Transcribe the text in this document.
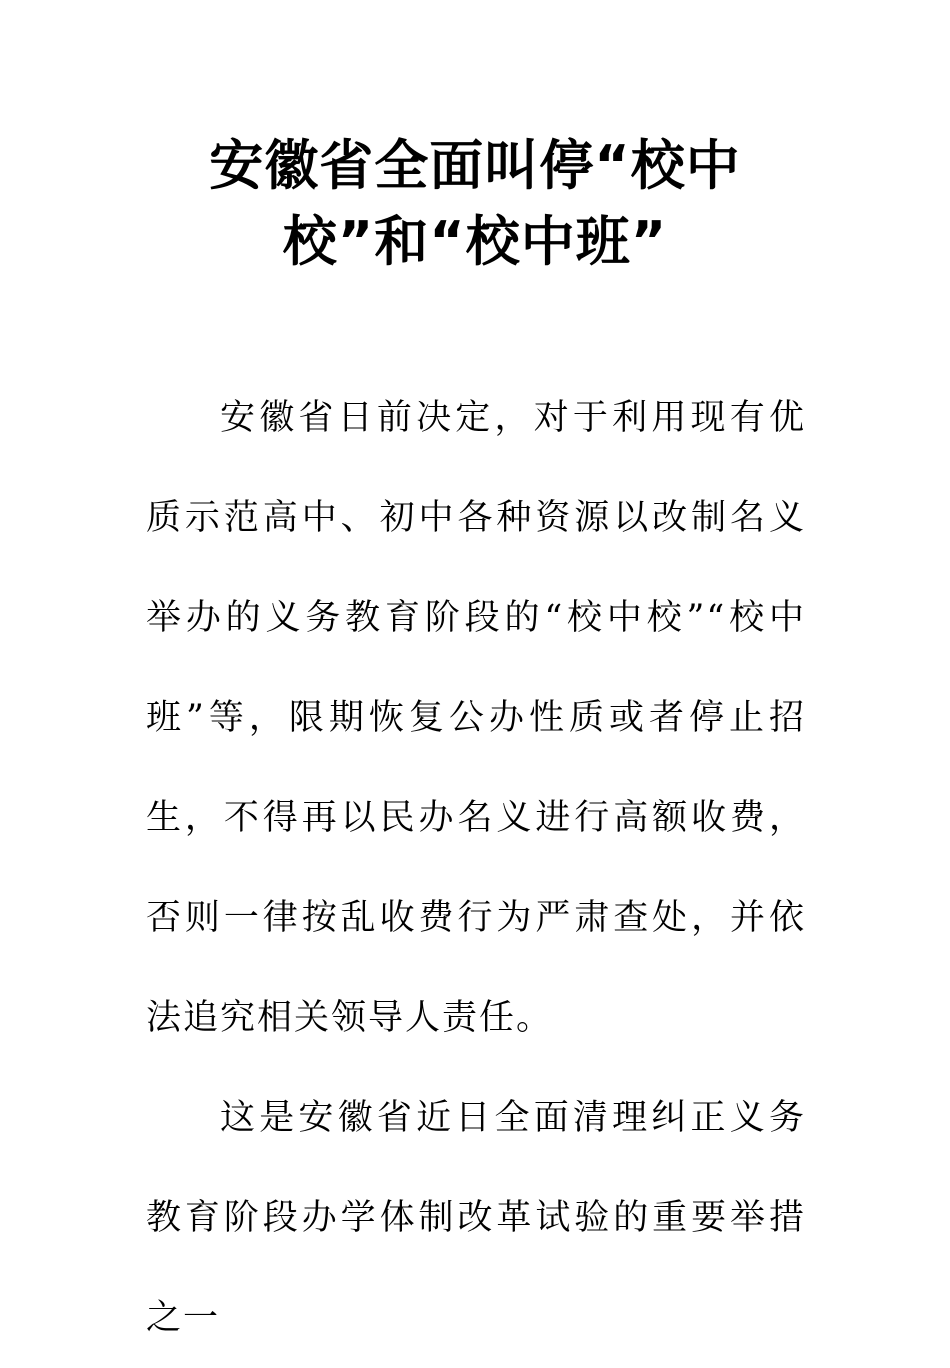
安徽省全面叫停“校中
校”和“校中班”

安徽省日前决定，对于利用现有优质示范高中、初中各种资源以改制名义举办的义务教育阶段的“校中校”“校中班”等，限期恢复公办性质或者停止招生，不得再以民办名义进行高额收费，否则一律按乱收费行为严肃查处，并依法追究相关领导人责任。

这是安徽省近日全面清理纠正义务教育阶段办学体制改革试验的重要举措之一
